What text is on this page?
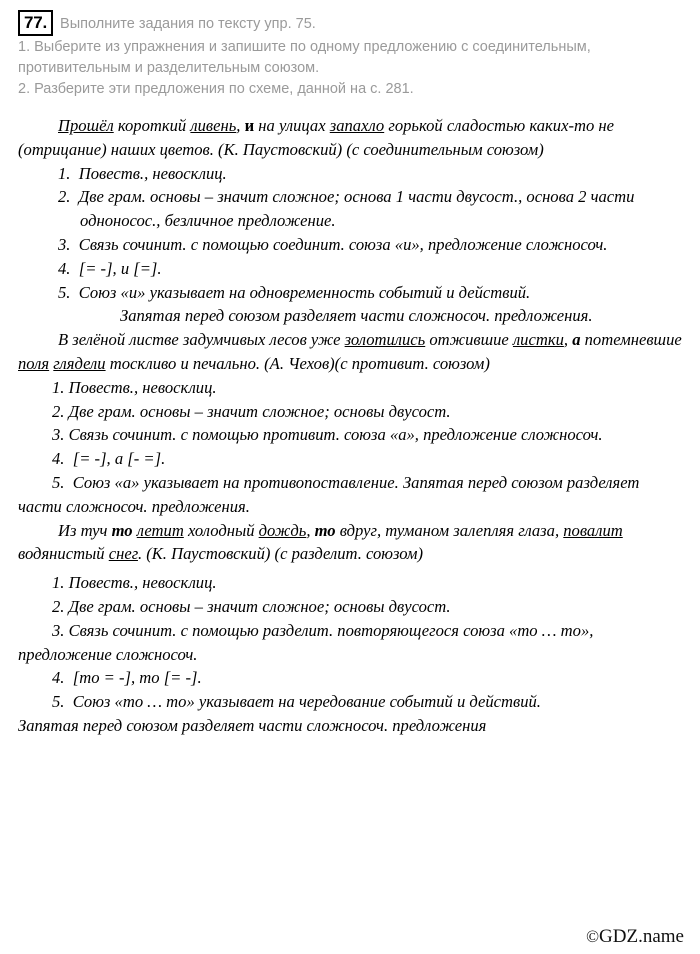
77. Выполните задания по тексту упр. 75.

1. Выберите из упражнения и запишите по одному предложению с соединительным, противительным и разделительным союзом.

2. Разберите эти предложения по схеме, данной на с. 281.

Прошёл короткий ливень, и на улицах запахло горькой сладостью каких-то не (отрицание) наших цветов. (К. Паустовский) (с соединительным союзом)

1. Повеств., невосклиц.
2. Две грам. основы – значит сложное; основа 1 части двусост., основа 2 части одноносос., безличное предложение.
3. Связь сочинит. с помощью соединит. союза «и», предложение сложносоч.
4. [= -], и [=].
5. Союз «и» указывает на одновременность событий и действий.
Запятая перед союзом разделяет части сложносоч. предложения.

В зелёной листве задумчивых лесов уже золотились отжившие листки, а потемневшие поля глядели тоскливо и печально. (А. Чехов)(с противит. союзом)

1. Повеств., невосклиц.
2. Две грам. основы – значит сложное; основы двусост.
3. Связь сочинит. с помощью противит. союза «а», предложение сложносоч.
4. [= -], а [- =].
5. Союз «а» указывает на противопоставление. Запятая перед союзом разделяет части сложносоч. предложения.

Из туч то летит холодный дождь, то вдруг, туманом залепляя глаза, повалит водянистый снег. (К. Паустовский) (с разделит. союзом)

1. Повеств., невосклиц.
2. Две грам. основы – значит сложное; основы двусост.
3. Связь сочинит. с помощью разделит. повторяющегося союза «то … то», предложение сложносоч.
4. [то = -], то [= -].
5. Союз «то … то» указывает на чередование событий и действий.
Запятая перед союзом разделяет части сложносоч. предложения
©GDZ.name
